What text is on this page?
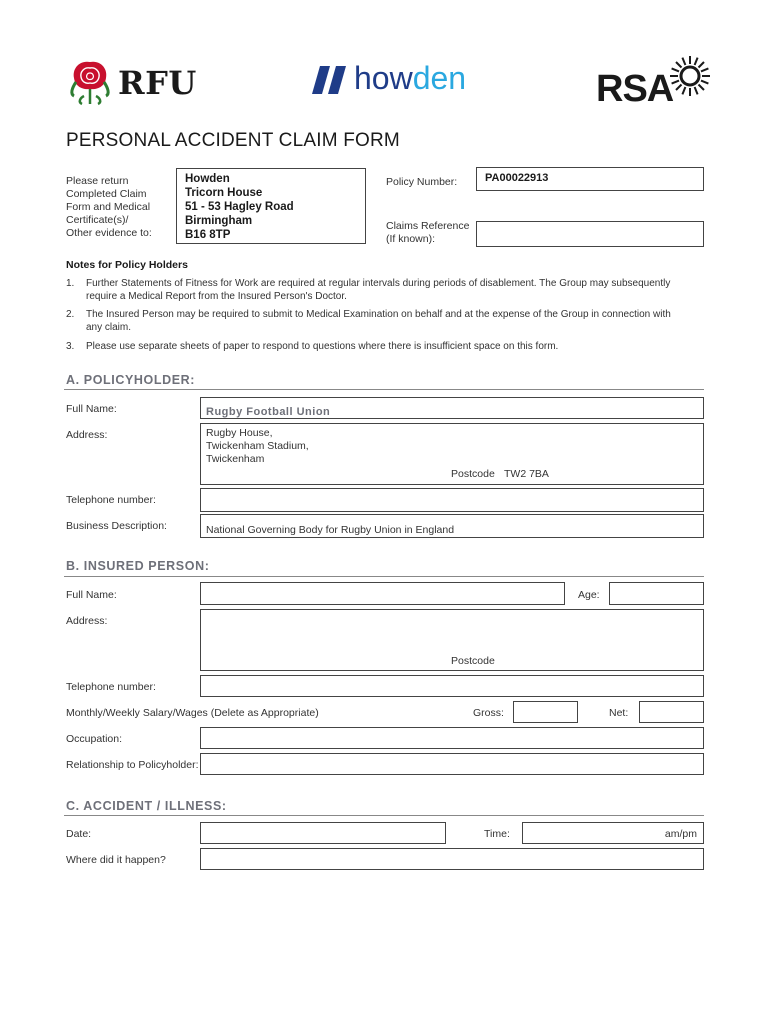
RFU	howden	RSA
PERSONAL ACCIDENT CLAIM FORM
Please return
Completed Claim
Form and Medical
Certificate(s)/
Other evidence to:
Howden
Tricorn House
51 - 53 Hagley Road
Birmingham
B16 8TP
Policy Number:	PA00022913
Claims Reference
(If known):
Notes for Policy Holders
1. Further Statements of Fitness for Work are required at regular intervals during periods of disablement. The Group may subsequently require a Medical Report from the Insured Person's Doctor.
2. The Insured Person may be required to submit to Medical Examination on behalf and at the expense of the Group in connection with any claim.
3. Please use separate sheets of paper to respond to questions where there is insufficient space on this form.
A. POLICYHOLDER:
Full Name:	Rugby Football Union
Address:	Rugby House,
Twickenham Stadium,
Twickenham
Postcode TW2 7BA
Telephone number:
Business Description:	National Governing Body for Rugby Union in England
B. INSURED PERSON:
Full Name:	Age:
Address:
Postcode
Telephone number:
Monthly/Weekly Salary/Wages (Delete as Appropriate)	Gross:	Net:
Occupation:
Relationship to Policyholder:
C. ACCIDENT / ILLNESS:
Date:	Time:	am/pm
Where did it happen?
